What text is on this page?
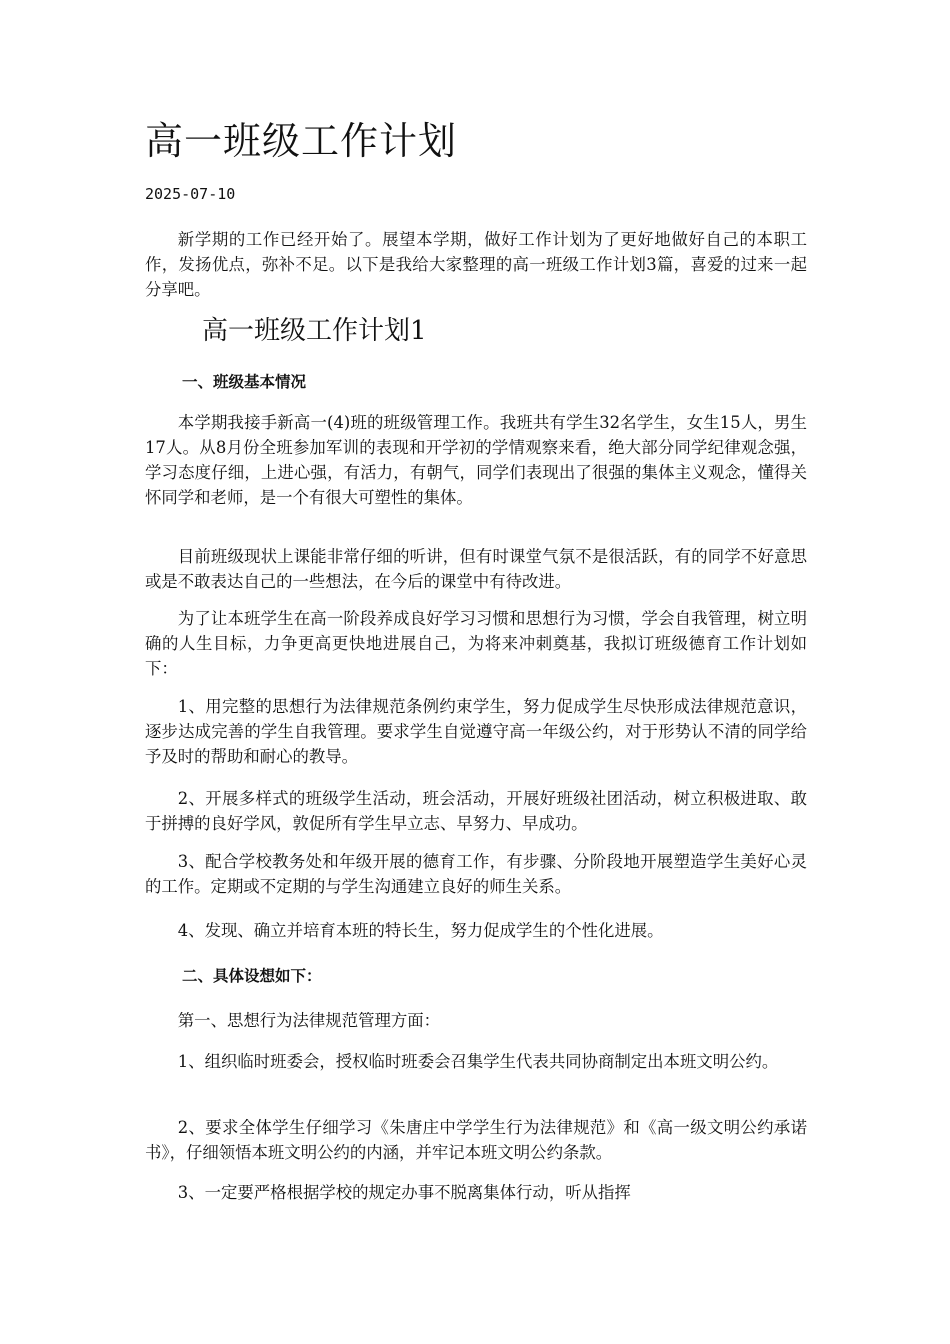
高一班级工作计划
2025-07-10

新学期的工作已经开始了。展望本学期，做好工作计划为了更好地做好自己的本职工作，发扬优点，弥补不足。以下是我给大家整理的高一班级工作计划3篇，喜爱的过来一起分享吧。

高一班级工作计划1
一、班级基本情况

本学期我接手新高一(4)班的班级管理工作。我班共有学生32名学生，女生15人，男生17人。从8月份全班参加军训的表现和开学初的学情观察来看，绝大部分同学纪律观念强，学习态度仔细，上进心强，有活力，有朝气，同学们表现出了很强的集体主义观念，懂得关怀同学和老师，是一个有很大可塑性的集体。

目前班级现状上课能非常仔细的听讲，但有时课堂气氛不是很活跃，有的同学不好意思或是不敢表达自己的一些想法，在今后的课堂中有待改进。

为了让本班学生在高一阶段养成良好学习习惯和思想行为习惯，学会自我管理，树立明确的人生目标，力争更高更快地进展自己，为将来冲刺奠基，我拟订班级德育工作计划如下：

1、用完整的思想行为法律规范条例约束学生，努力促成学生尽快形成法律规范意识，逐步达成完善的学生自我管理。要求学生自觉遵守高一年级公约，对于形势认不清的同学给予及时的帮助和耐心的教导。

2、开展多样式的班级学生活动，班会活动，开展好班级社团活动，树立积极进取、敢于拼搏的良好学风，敦促所有学生早立志、早努力、早成功。

3、配合学校教务处和年级开展的德育工作，有步骤、分阶段地开展塑造学生美好心灵的工作。定期或不定期的与学生沟通建立良好的师生关系。

4、发现、确立并培育本班的特长生，努力促成学生的个性化进展。

二、具体设想如下：

第一、思想行为法律规范管理方面：

1、组织临时班委会，授权临时班委会召集学生代表共同协商制定出本班文明公约。

2、要求全体学生仔细学习《朱唐庄中学学生行为法律规范》和《高一级文明公约承诺书》，仔细领悟本班文明公约的内涵，并牢记本班文明公约条款。

3、一定要严格根据学校的规定办事不脱离集体行动，听从指挥
